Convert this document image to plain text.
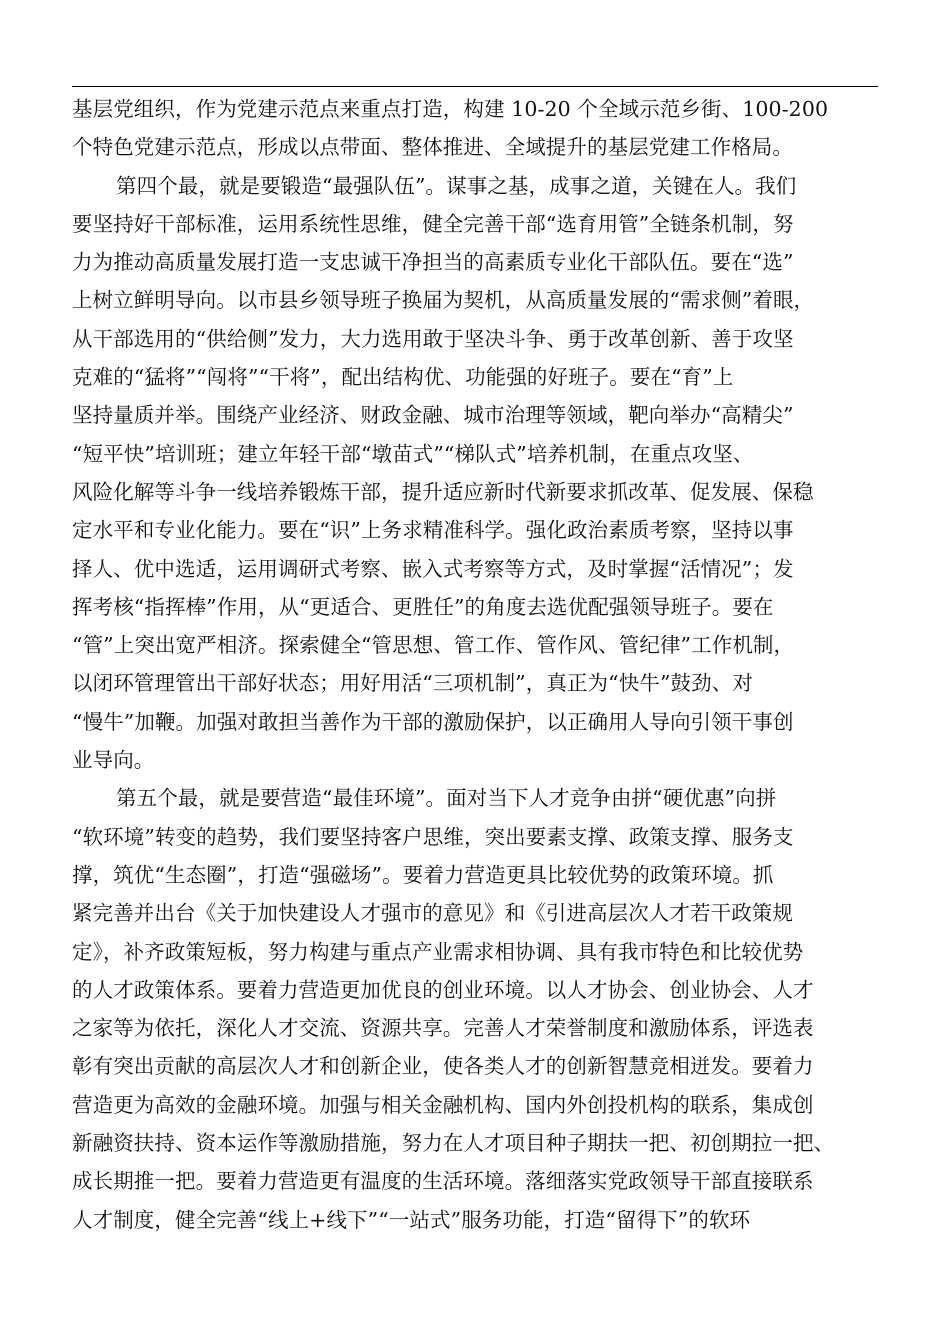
基层党组织，作为党建示范点来重点打造，构建 10-20 个全域示范乡街、100-200
个特色党建示范点，形成以点带面、整体推进、全域提升的基层党建工作格局。
第四个最，就是要锻造“最强队伍”。谋事之基，成事之道，关键在人。我们
要坚持好干部标准，运用系统性思维，健全完善干部“选育用管”全链条机制，努
力为推动高质量发展打造一支忠诚干净担当的高素质专业化干部队伍。要在“选”
上树立鲜明导向。以市县乡领导班子换届为契机，从高质量发展的“需求侧”着眼，
从干部选用的“供给侧”发力，大力选用敢于坚决斗争、勇于改革创新、善于攻坚
克难的“猛将”“闯将”“干将”，配出结构优、功能强的好班子。要在“育”上
坚持量质并举。围绕产业经济、财政金融、城市治理等领域，靶向举办“高精尖”
“短平快”培训班；建立年轻干部“墩苗式”“梯队式”培养机制，在重点攻坚、
风险化解等斗争一线培养锻炼干部，提升适应新时代新要求抓改革、促发展、保稳
定水平和专业化能力。要在“识”上务求精准科学。强化政治素质考察，坚持以事
择人、优中选适，运用调研式考察、嵌入式考察等方式，及时掌握“活情况”；发
挥考核“指挥棒”作用，从“更适合、更胜任”的角度去选优配强领导班子。要在
“管”上突出宽严相济。探索健全“管思想、管工作、管作风、管纪律”工作机制，
以闭环管理管出干部好状态；用好用活“三项机制”，真正为“快牛”鼓劲、对
“慢牛”加鞭。加强对敢担当善作为干部的激励保护，以正确用人导向引领干事创
业导向。
第五个最，就是要营造“最佳环境”。面对当下人才竞争由拼“硬优惠”向拼
“软环境”转变的趋势，我们要坚持客户思维，突出要素支撑、政策支撑、服务支
撑，筑优“生态圈”，打造“强磁场”。要着力营造更具比较优势的政策环境。抓
紧完善并出台《关于加快建设人才强市的意见》和《引进高层次人才若干政策规
定》，补齐政策短板，努力构建与重点产业需求相协调、具有我市特色和比较优势
的人才政策体系。要着力营造更加优良的创业环境。以人才协会、创业协会、人才
之家等为依托，深化人才交流、资源共享。完善人才荣誉制度和激励体系，评选表
彰有突出贡献的高层次人才和创新企业，使各类人才的创新智慧竞相迸发。要着力
营造更为高效的金融环境。加强与相关金融机构、国内外创投机构的联系，集成创
新融资扶持、资本运作等激励措施，努力在人才项目种子期扶一把、初创期拉一把、
成长期推一把。要着力营造更有温度的生活环境。落细落实党政领导干部直接联系
人才制度，健全完善“线上+线下”“一站式”服务功能，打造“留得下”的软环
